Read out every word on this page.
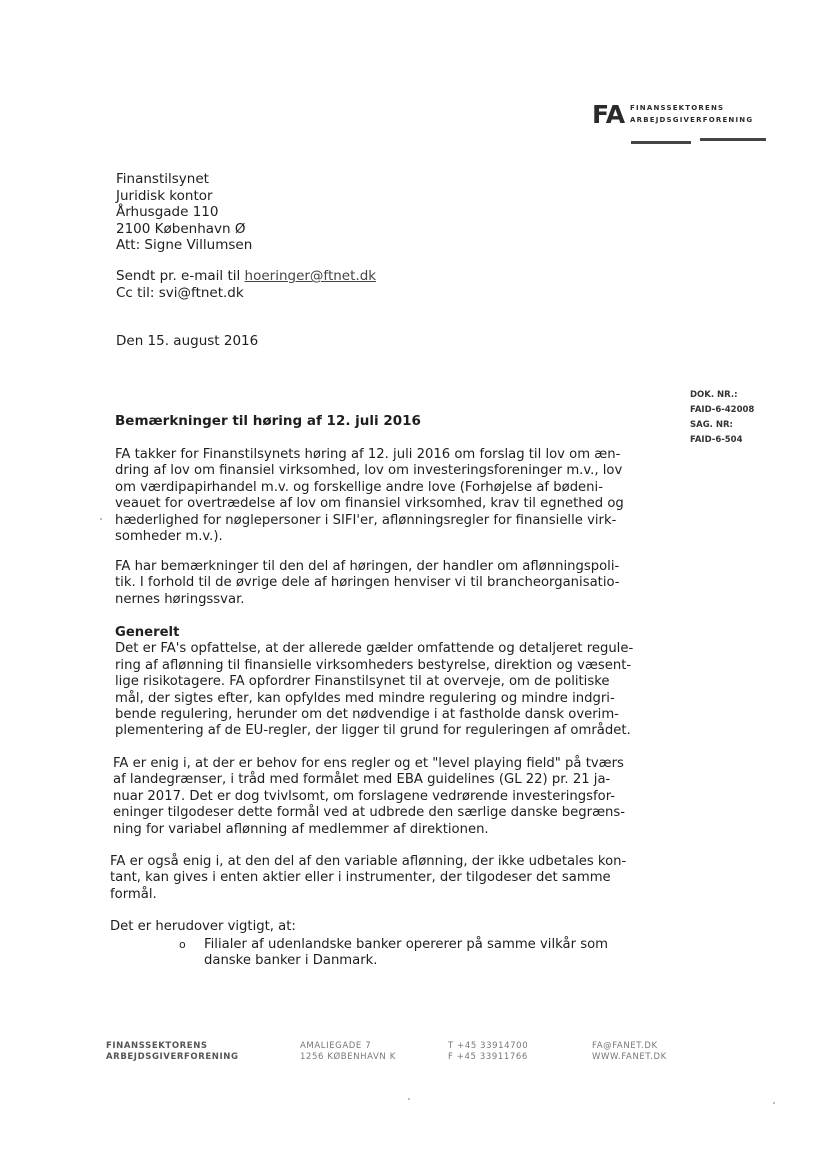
FA FINANSSEKTORENS
ARBEJDSGIVERFORENING
Finanstilsynet
Juridisk kontor
Århusgade 110
2100 København Ø
Att: Signe Villumsen
Sendt pr. e-mail til hoeringer@ftnet.dk
Cc til: svi@ftnet.dk
Den 15. august 2016
DOK. NR.:
FAID-6-42008
SAG. NR:
FAID-6-504
Bemærkninger til høring af 12. juli 2016
FA takker for Finanstilsynets høring af 12. juli 2016 om forslag til lov om æn-
dring af lov om finansiel virksomhed, lov om investeringsforeninger m.v., lov
om værdipapirhandel m.v. og forskellige andre love (Forhøjelse af bødeni-
veauet for overtrædelse af lov om finansiel virksomhed, krav til egnethed og
hæderlighed for nøglepersoner i SIFI'er, aflønningsregler for finansielle virk-
somheder m.v.).
FA har bemærkninger til den del af høringen, der handler om aflønningspoli-
tik. I forhold til de øvrige dele af høringen henviser vi til brancheorganisatio-
nernes høringssvar.
Generelt
Det er FA's opfattelse, at der allerede gælder omfattende og detaljeret regule-
ring af aflønning til finansielle virksomheders bestyrelse, direktion og væsent-
lige risikotagere. FA opfordrer Finanstilsynet til at overveje, om de politiske
mål, der sigtes efter, kan opfyldes med mindre regulering og mindre indgri-
bende regulering, herunder om det nødvendige i at fastholde dansk overim-
plementering af de EU-regler, der ligger til grund for reguleringen af området.
FA er enig i, at der er behov for ens regler og et "level playing field" på tværs
af landegrænser, i tråd med formålet med EBA guidelines (GL 22) pr. 21 ja-
nuar 2017. Det er dog tvivlsomt, om forslagene vedrørende investeringsfor-
eninger tilgodeser dette formål ved at udbrede den særlige danske begræns-
ning for variabel aflønning af medlemmer af direktionen.
FA er også enig i, at den del af den variable aflønning, der ikke udbetales kon-
tant, kan gives i enten aktier eller i instrumenter, der tilgodeser det samme
formål.
Det er herudover vigtigt, at:
o Filialer af udenlandske banker opererer på samme vilkår som
danske banker i Danmark.
FINANSSEKTORENS
ARBEJDSGIVERFORENING
AMALIEGADE 7
1256 KØBENHAVN K
T +45 33914700
F +45 33911766
FA@FANET.DK
WWW.FANET.DK
